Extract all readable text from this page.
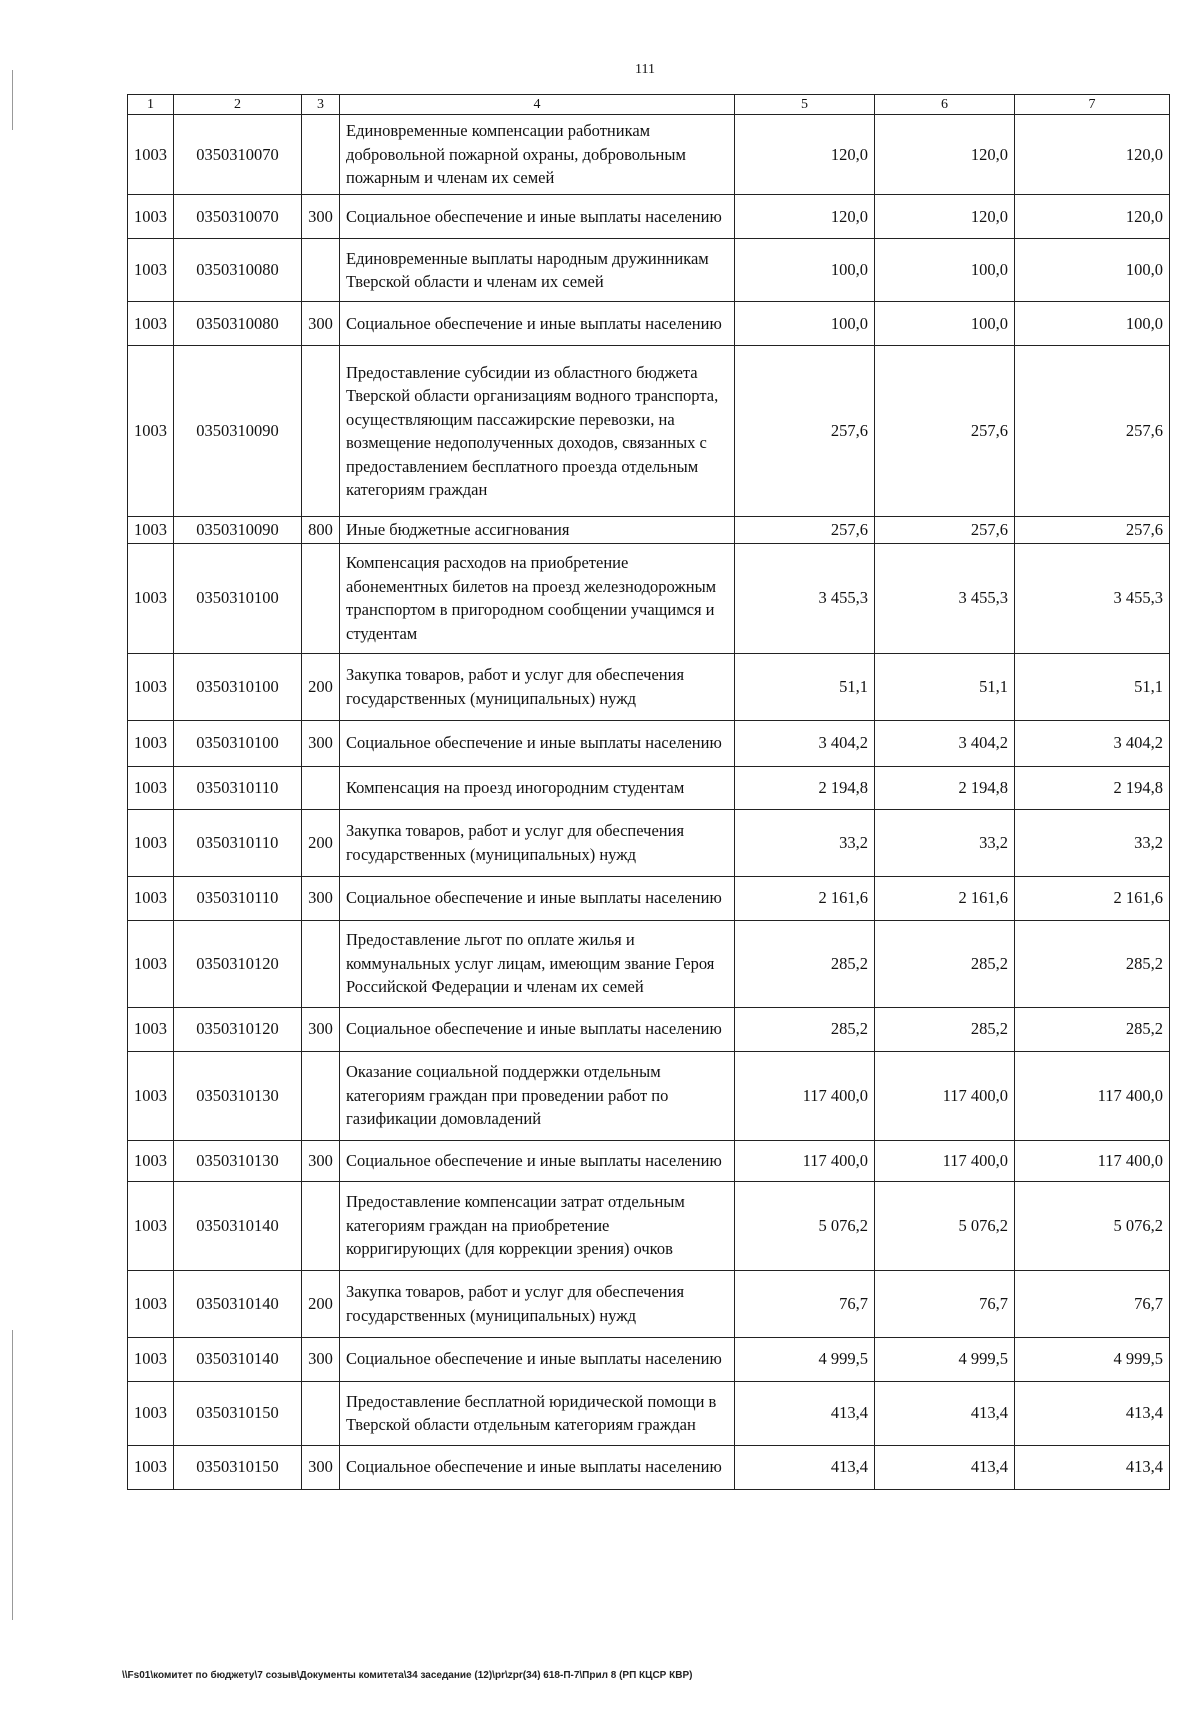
111
1	2	3	4	5	6	7
1003	0350310070		Единовременные компенсации работникам добровольной пожарной охраны, добровольным пожарным и членам их семей	120,0	120,0	120,0
1003	0350310070	300	Социальное обеспечение и иные выплаты населению	120,0	120,0	120,0
1003	0350310080		Единовременные выплаты народным дружинникам Тверской области и членам их семей	100,0	100,0	100,0
1003	0350310080	300	Социальное обеспечение и иные выплаты населению	100,0	100,0	100,0
1003	0350310090		Предоставление субсидии из областного бюджета Тверской области организациям водного транспорта, осуществляющим пассажирские перевозки, на возмещение недополученных доходов, связанных с предоставлением бесплатного проезда отдельным категориям граждан	257,6	257,6	257,6
1003	0350310090	800	Иные бюджетные ассигнования	257,6	257,6	257,6
1003	0350310100		Компенсация расходов на приобретение абонементных билетов на проезд железнодорожным транспортом в пригородном сообщении учащимся и студентам	3 455,3	3 455,3	3 455,3
1003	0350310100	200	Закупка товаров, работ и услуг для обеспечения государственных (муниципальных) нужд	51,1	51,1	51,1
1003	0350310100	300	Социальное обеспечение и иные выплаты населению	3 404,2	3 404,2	3 404,2
1003	0350310110		Компенсация на проезд иногородним студентам	2 194,8	2 194,8	2 194,8
1003	0350310110	200	Закупка товаров, работ и услуг для обеспечения государственных (муниципальных) нужд	33,2	33,2	33,2
1003	0350310110	300	Социальное обеспечение и иные выплаты населению	2 161,6	2 161,6	2 161,6
1003	0350310120		Предоставление льгот по оплате жилья и коммунальных услуг лицам, имеющим звание Героя Российской Федерации и членам их семей	285,2	285,2	285,2
1003	0350310120	300	Социальное обеспечение и иные выплаты населению	285,2	285,2	285,2
1003	0350310130		Оказание социальной поддержки отдельным категориям граждан при проведении работ по газификации домовладений	117 400,0	117 400,0	117 400,0
1003	0350310130	300	Социальное обеспечение и иные выплаты населению	117 400,0	117 400,0	117 400,0
1003	0350310140		Предоставление компенсации затрат отдельным категориям граждан на приобретение корригирующих (для коррекции зрения) очков	5 076,2	5 076,2	5 076,2
1003	0350310140	200	Закупка товаров, работ и услуг для обеспечения государственных (муниципальных) нужд	76,7	76,7	76,7
1003	0350310140	300	Социальное обеспечение и иные выплаты населению	4 999,5	4 999,5	4 999,5
1003	0350310150		Предоставление бесплатной юридической помощи в Тверской области отдельным категориям граждан	413,4	413,4	413,4
1003	0350310150	300	Социальное обеспечение и иные выплаты населению	413,4	413,4	413,4
\\Fs01\комитет по бюджету\7 созыв\Документы комитета\34 заседание (12)\pr\zpr(34) 618-П-7\Прил 8 (РП КЦСР КВР)
